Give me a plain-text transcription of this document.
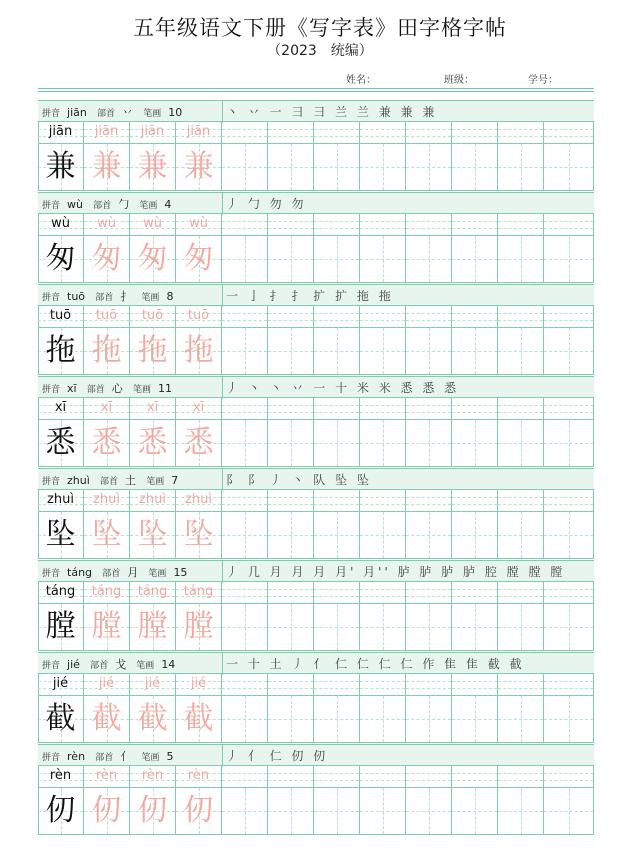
五年级语文下册《写字表》田字格字帖
（2023　统编）
姓名：	班级：	学号：
拼音 jiān 部首 丷 笔画 10	丶 丷 一 ⺕ ⺕ 兰 兰 兼 兼 兼
jiān	jiān	jiān	jiān
兼 兼 兼 兼
拼音 wù 部首 勹 笔画 4	丿 勹 勿 勿
wù	wù	wù	wù
匆 匆 匆 匆
拼音 tuō 部首 扌 笔画 8	一 亅 扌 扌 扩 扩 拖 拖
tuō	tuō	tuō	tuō
拖 拖 拖 拖
拼音 xī 部首 心 笔画 11	丿 丶 丶 丷 一 十 米 米 悉 悉 悉
xī	xī	xī	xī
悉 悉 悉 悉
拼音 zhuì 部首 土 笔画 7	阝 阝 丿 丶 队 坠 坠
zhuì	zhuì	zhuì	zhuì
坠 坠 坠 坠
拼音 táng 部首 月 笔画 15	丿 几 月 月 月 月' 月'' 胪 胪 胪 胪 腔 膛 膛 膛
táng	táng	táng	táng
膛 膛 膛 膛
拼音 jié 部首 戈 笔画 14	一 十 土 丿 亻 仁 仁 仁 仁 作 隹 隹 截 截
jié	jié	jié	jié
截 截 截 截
拼音 rèn 部首 亻 笔画 5	丿 亻 仁 仞 仞
rèn	rèn	rèn	rèn
仞 仞 仞 仞
